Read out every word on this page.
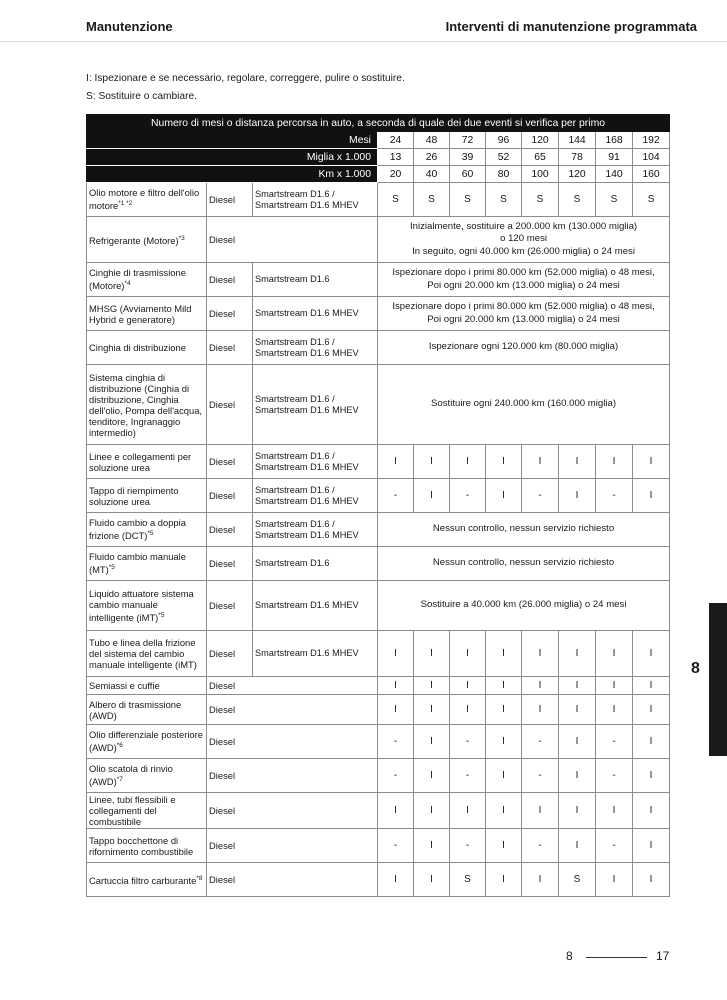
Manutenzione	Interventi di manutenzione programmata
I: Ispezionare e se necessario, regolare, correggere, pulire o sostituire.
S: Sostituire o cambiare.
Numero di mesi o distanza percorsa in auto, a seconda di quale dei due eventi si verifica per primo										
Mesi			24	48	72	96	120	144	168	192
Miglia x 1.000			13	26	39	52	65	78	91	104
Km x 1.000			20	40	60	80	100	120	140	160
Olio motore e filtro dell'olio motore$^{*1 *2}$	Diesel	Smartstream D1.6 / Smartstream D1.6 MHEV	S	S	S	S	S	S	S	S
Refrigerante (Motore)$^{*3}$	Diesel		Inizialmente, sostituire a 200.000 km (130.000 miglia)
o 120 mesi
In seguito, ogni 40.000 km (26.000 miglia) o 24 mesi							

Cinghie di trasmissione (Motore)$^{*4}$	Diesel	Smartstream D1.6	Ispezionare dopo i primi 80.000 km (52.000 miglia) o 48 mesi,
Poi ogni 20.000 km (13.000 miglia) o 24 mesi							

MHSG (Avviamento Mild Hybrid e generatore)	Diesel	Smartstream D1.6 MHEV	Ispezionare dopo i primi 80.000 km (52.000 miglia) o 48 mesi,
Poi ogni 20.000 km (13.000 miglia) o 24 mesi							

Cinghia di distribuzione	Diesel	Smartstream D1.6 / Smartstream D1.6 MHEV	Ispezionare ogni 120.000 km (80.000 miglia)							

Sistema cinghia di distribuzione (Cinghia di distribuzione, Cinghia dell'olio, Pompa dell'acqua, tenditore, Ingranaggio intermedio)	Diesel	Smartstream D1.6 / Smartstream D1.6 MHEV	Sostituire ogni 240.000 km (160.000 miglia)							

Linee e collegamenti per soluzione urea	Diesel	Smartstream D1.6 / Smartstream D1.6 MHEV	I	I	I	I	I	I	I	I
Tappo di riempimento soluzione urea	Diesel	Smartstream D1.6 / Smartstream D1.6 MHEV	-	I	-	I	-	I	-	I
Fluido cambio a doppia frizione (DCT)$^{*5}$	Diesel	Smartstream D1.6 / Smartstream D1.6 MHEV	Nessun controllo, nessun servizio richiesto							

Fluido cambio manuale (MT)$^{*5}$	Diesel	Smartstream D1.6	Nessun controllo, nessun servizio richiesto							

Liquido attuatore sistema cambio manuale intelligente (iMT)$^{*5}$	Diesel	Smartstream D1.6 MHEV	Sostituire a 40.000 km (26.000 miglia) o 24 mesi							

Tubo e linea della frizione del sistema del cambio manuale intelligente (iMT)	Diesel	Smartstream D1.6 MHEV	I	I	I	I	I	I	I	I
Semiassi e cuffie	Diesel		I	I	I	I	I	I	I	I
Albero di trasmissione (AWD)	Diesel		I	I	I	I	I	I	I	I
Olio differenziale posteriore (AWD)$^{*6}$	Diesel		-	I	-	I	-	I	-	I
Olio scatola di rinvio (AWD)$^{*7}$	Diesel		-	I	-	I	-	I	-	I
Linee, tubi flessibili e collegamenti del combustibile	Diesel		I	I	I	I	I	I	I	I
Tappo bocchettone di rifornimento combustibile	Diesel		-	I	-	I	-	I	-	I
Cartuccia filtro carburante$^{*8}$	Diesel		I	I	S	I	I	S	I	I
8
8	17
